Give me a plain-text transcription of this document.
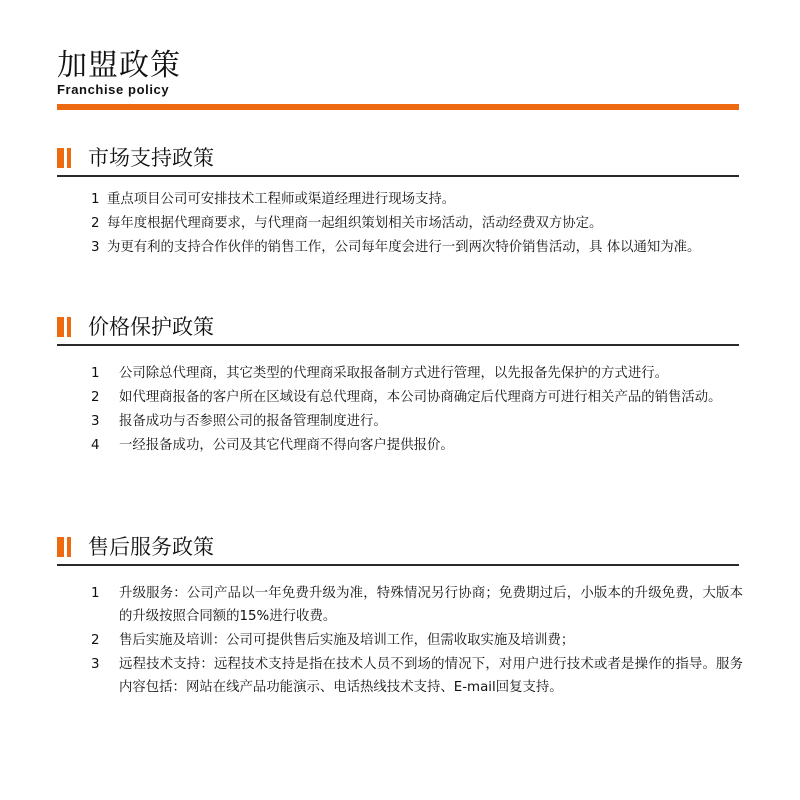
加盟政策
Franchise policy
市场支持政策
1 重点项目公司可安排技术工程师或渠道经理进行现场支持。
2 每年度根据代理商要求，与代理商一起组织策划相关市场活动，活动经费双方协定。
3 为更有利的支持合作伙伴的销售工作，公司每年度会进行一到两次特价销售活动，具 体以通知为准。
价格保护政策
1 公司除总代理商，其它类型的代理商采取报备制方式进行管理，以先报备先保护的方式进行。
2 如代理商报备的客户所在区域设有总代理商，本公司协商确定后代理商方可进行相关产品的销售活动。
3 报备成功与否参照公司的报备管理制度进行。
4 一经报备成功，公司及其它代理商不得向客户提供报价。
售后服务政策
1 升级服务：公司产品以一年免费升级为准，特殊情况另行协商；免费期过后，小版本的升级免费，大版本的升级按照合同额的15%进行收费。
2 售后实施及培训：公司可提供售后实施及培训工作，但需收取实施及培训费；
3 远程技术支持：远程技术支持是指在技术人员不到场的情况下，对用户进行技术或者是操作的指导。服务内容包括：网站在线产品功能演示、电话热线技术支持、E-mail回复支持。
